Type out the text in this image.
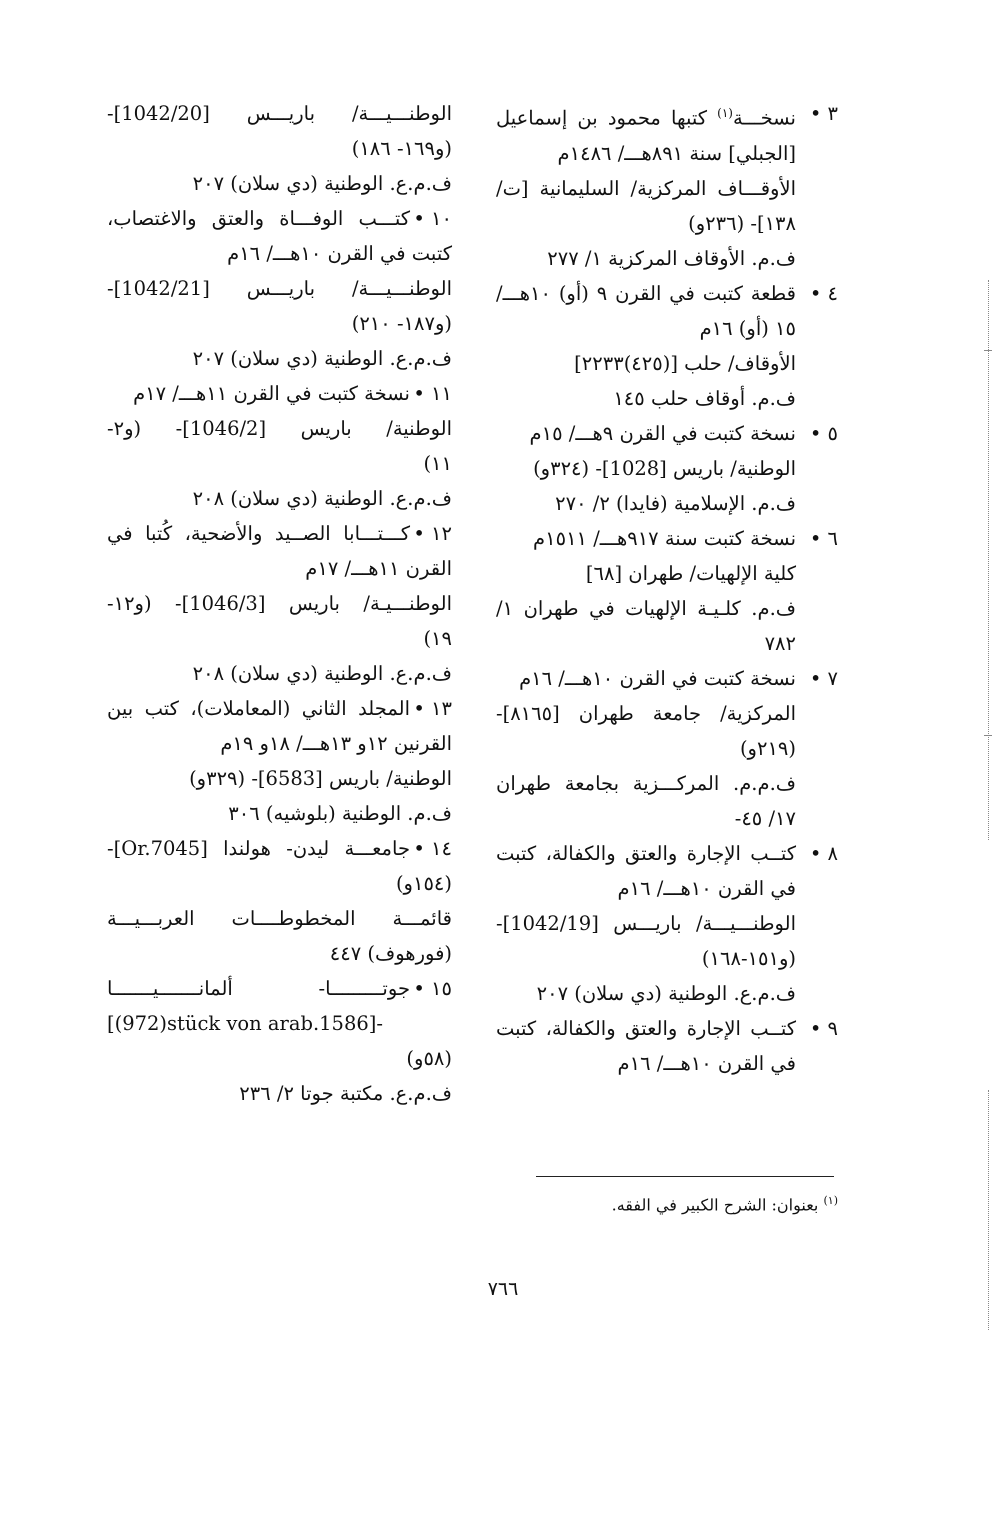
٣ •
نسخـــة$^{(١)}$ كتبها محمود بن إسماعيل
[الجبلي] سنة ٨٩١هـــ/ ١٤٨٦م
الأوقـــاف المركزية/ السليمانية [ت/
١٣٨]- (٢٣٦و)
ف.م. الأوقاف المركزية ١/ ٢٧٧
٤ •
قطعة كتبت في القرن ٩ (أو) ١٠هـــ/
١٥ (أو) ١٦م
الأوقاف/ حلب [(٤٢٥)٢٢٣٣]
ف.م. أوقاف حلب ١٤٥
٥ •
نسخة كتبت في القرن ٩هـــ/ ١٥م
الوطنية/ باريس [1028]- (٣٢٤و)
ف.م. الإسلامية (فايدا) ٢/ ٢٧٠
٦ •
نسخة كتبت سنة ٩١٧هـــ/ ١٥١١م
كلية الإلهيات/ طهران [٦٨]
ف.م. كلـيـة الإلهيات في طهران ١/
٧٨٢
٧ •
نسخة كتبت في القرن ١٠هـــ/ ١٦م
المركزية/ جامعة طهران [٨١٦٥]-
(٢١٩و)
ف.م.م. المركـــزية بجامعة طهران
١٧/ ٤٥-
٨ •
كتــب الإجارة والعتق والكفالة، كتبت
في القرن ١٠هـــ/ ١٦م
الوطنـــيـــة/ باريـــس [1042/19]-
(و١٥١-١٦٨)
ف.م.ع. الوطنية (دي سلان) ٢٠٧
٩ •
كتــب الإجارة والعتق والكفالة، كتبت
في القرن ١٠هـــ/ ١٦م
الوطنـــيـــة/ باريـــس [1042/20]-
(و١٦٩- ١٨٦)
ف.م.ع. الوطنية (دي سلان) ٢٠٧
١٠ •
كتـــب الوفـــاة والعتق والاغتصاب،
كتبت في القرن ١٠هـــ/ ١٦م
الوطنـــيـــة/ باريـــس [1042/21]-
(و١٨٧- ٢١٠)
ف.م.ع. الوطنية (دي سلان) ٢٠٧
١١ •
نسخة كتبت في القرن ١١هـــ/ ١٧م
الوطنية/ باريس [1046/2]- (و٢-
١١)
ف.م.ع. الوطنية (دي سلان) ٢٠٨
١٢ •
كـــتـــابا الصــيد والأضحية، كُتبا في
القرن ١١هـــ/ ١٧م
الوطنـــيـة/ باريس [1046/3]- (و١٢-
١٩)
ف.م.ع. الوطنية (دي سلان) ٢٠٨
١٣ •
المجلد الثاني (المعاملات)، كتب بين
القرنين ١٢و ١٣هـــ/ ١٨و ١٩م
الوطنية/ باريس [6583]- (٣٢٩و)
ف.م. الوطنية (بلوشيه) ٣٠٦
١٤ •
جامعـــة ليدن- هولندا [Or.7045]-
(١٥٤و)
قائمـــة المخطوطــــات العربـــيـــة
(فورهوف) ٤٤٧
١٥ •
جوتـــــــــا- ألمانـــــــيـــــــا
[(972)stück von arab.1586]-
(٥٨و)
ف.م.ع. مكتبة جوتا ٢/ ٢٣٦
$^{(١)}$ بعنوان: الشرح الكبير في الفقه.
٧٦٦
